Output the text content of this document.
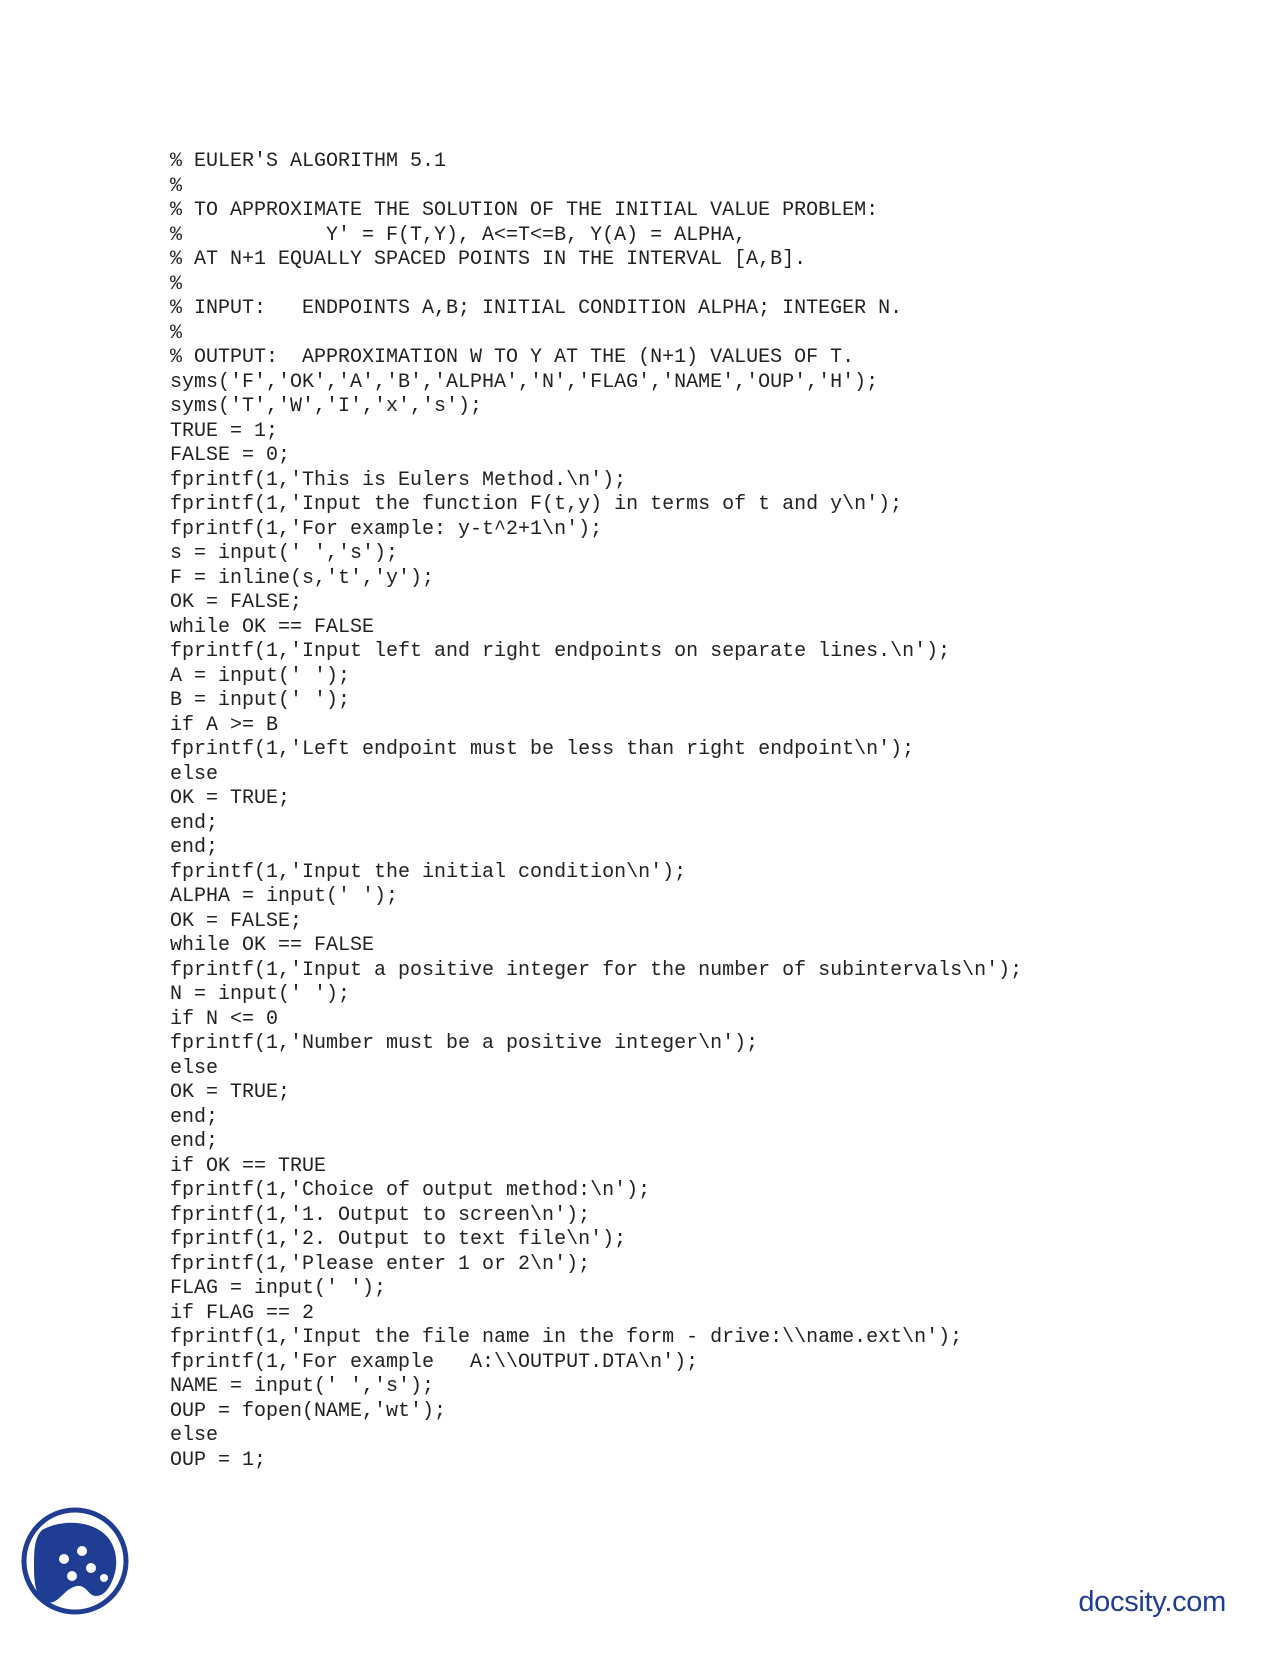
% EULER'S ALGORITHM 5.1
%
% TO APPROXIMATE THE SOLUTION OF THE INITIAL VALUE PROBLEM:
%            Y' = F(T,Y), A<=T<=B, Y(A) = ALPHA,
% AT N+1 EQUALLY SPACED POINTS IN THE INTERVAL [A,B].
%
% INPUT:   ENDPOINTS A,B; INITIAL CONDITION ALPHA; INTEGER N.
%
% OUTPUT:  APPROXIMATION W TO Y AT THE (N+1) VALUES OF T.
syms('F','OK','A','B','ALPHA','N','FLAG','NAME','OUP','H');
syms('T','W','I','x','s');
TRUE = 1;
FALSE = 0;
fprintf(1,'This is Eulers Method.\n');
fprintf(1,'Input the function F(t,y) in terms of t and y\n');
fprintf(1,'For example: y-t^2+1\n');
s = input(' ','s');
F = inline(s,'t','y');
OK = FALSE;
while OK == FALSE
fprintf(1,'Input left and right endpoints on separate lines.\n');
A = input(' ');
B = input(' ');
if A >= B
fprintf(1,'Left endpoint must be less than right endpoint\n');
else
OK = TRUE;
end;
end;
fprintf(1,'Input the initial condition\n');
ALPHA = input(' ');
OK = FALSE;
while OK == FALSE
fprintf(1,'Input a positive integer for the number of subintervals\n');
N = input(' ');
if N <= 0
fprintf(1,'Number must be a positive integer\n');
else
OK = TRUE;
end;
end;
if OK == TRUE
fprintf(1,'Choice of output method:\n');
fprintf(1,'1. Output to screen\n');
fprintf(1,'2. Output to text file\n');
fprintf(1,'Please enter 1 or 2\n');
FLAG = input(' ');
if FLAG == 2
fprintf(1,'Input the file name in the form - drive:\\name.ext\n');
fprintf(1,'For example   A:\\OUTPUT.DTA\n');
NAME = input(' ','s');
OUP = fopen(NAME,'wt');
else
OUP = 1;
docsity.com
